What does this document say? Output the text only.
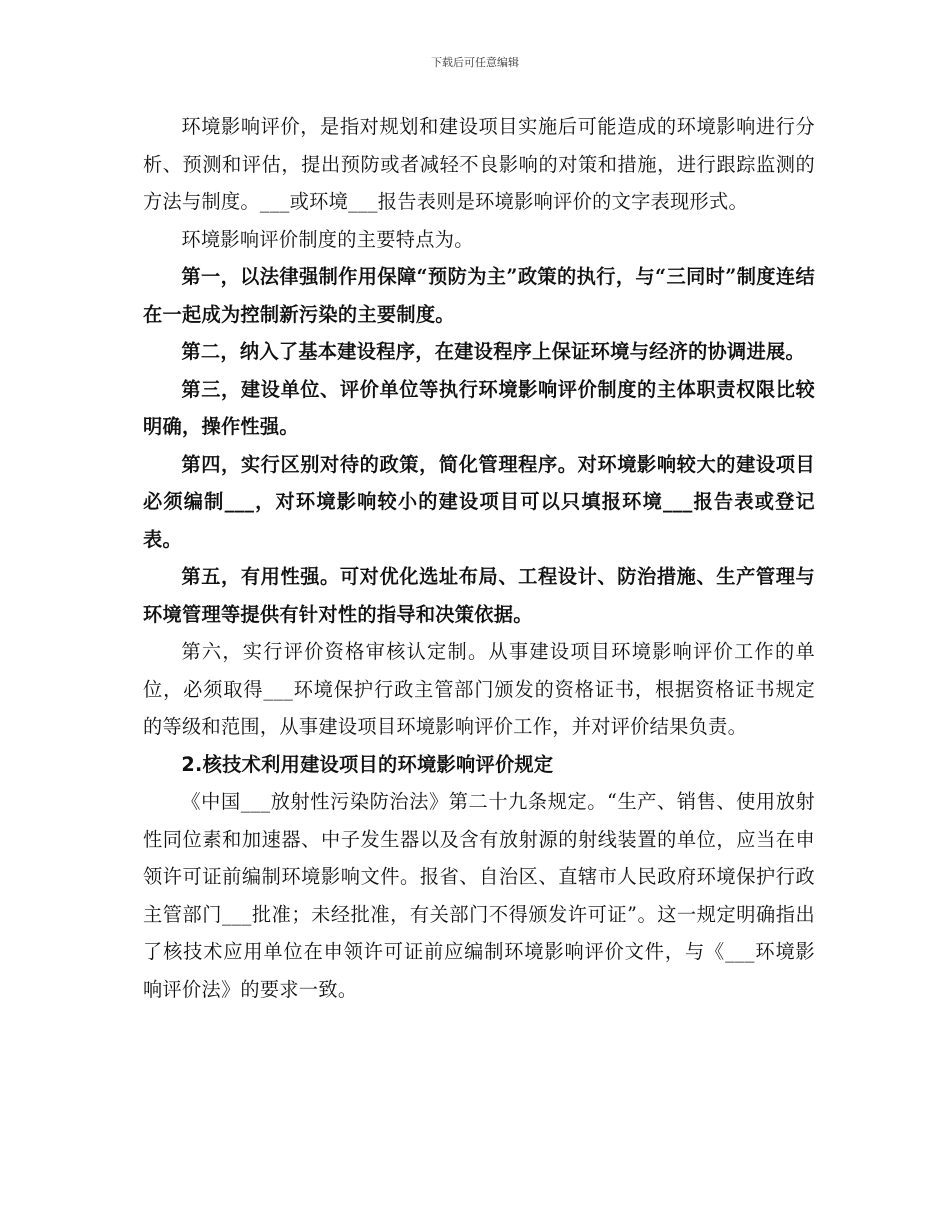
下载后可任意编辑

环境影响评价，是指对规划和建设项目实施后可能造成的环境影响进行分析、预测和评估，提出预防或者减轻不良影响的对策和措施，进行跟踪监测的方法与制度。___或环境___报告表则是环境影响评价的文字表现形式。

环境影响评价制度的主要特点为。

第一，以法律强制作用保障“预防为主”政策的执行，与“三同时”制度连结在一起成为控制新污染的主要制度。

第二，纳入了基本建设程序，在建设程序上保证环境与经济的协调进展。

第三，建设单位、评价单位等执行环境影响评价制度的主体职责权限比较明确，操作性强。

第四，实行区别对待的政策，简化管理程序。对环境影响较大的建设项目必须编制___，对环境影响较小的建设项目可以只填报环境___报告表或登记表。

第五，有用性强。可对优化选址布局、工程设计、防治措施、生产管理与环境管理等提供有针对性的指导和决策依据。

第六，实行评价资格审核认定制。从事建设项目环境影响评价工作的单位，必须取得___环境保护行政主管部门颁发的资格证书，根据资格证书规定的等级和范围，从事建设项目环境影响评价工作，并对评价结果负责。

2.核技术利用建设项目的环境影响评价规定

《中国___放射性污染防治法》第二十九条规定。“生产、销售、使用放射性同位素和加速器、中子发生器以及含有放射源的射线装置的单位，应当在申领许可证前编制环境影响文件。报省、自治区、直辖市人民政府环境保护行政主管部门___批准；未经批准，有关部门不得颁发许可证”。这一规定明确指出了核技术应用单位在申领许可证前应编制环境影响评价文件，与《___环境影响评价法》的要求一致。
